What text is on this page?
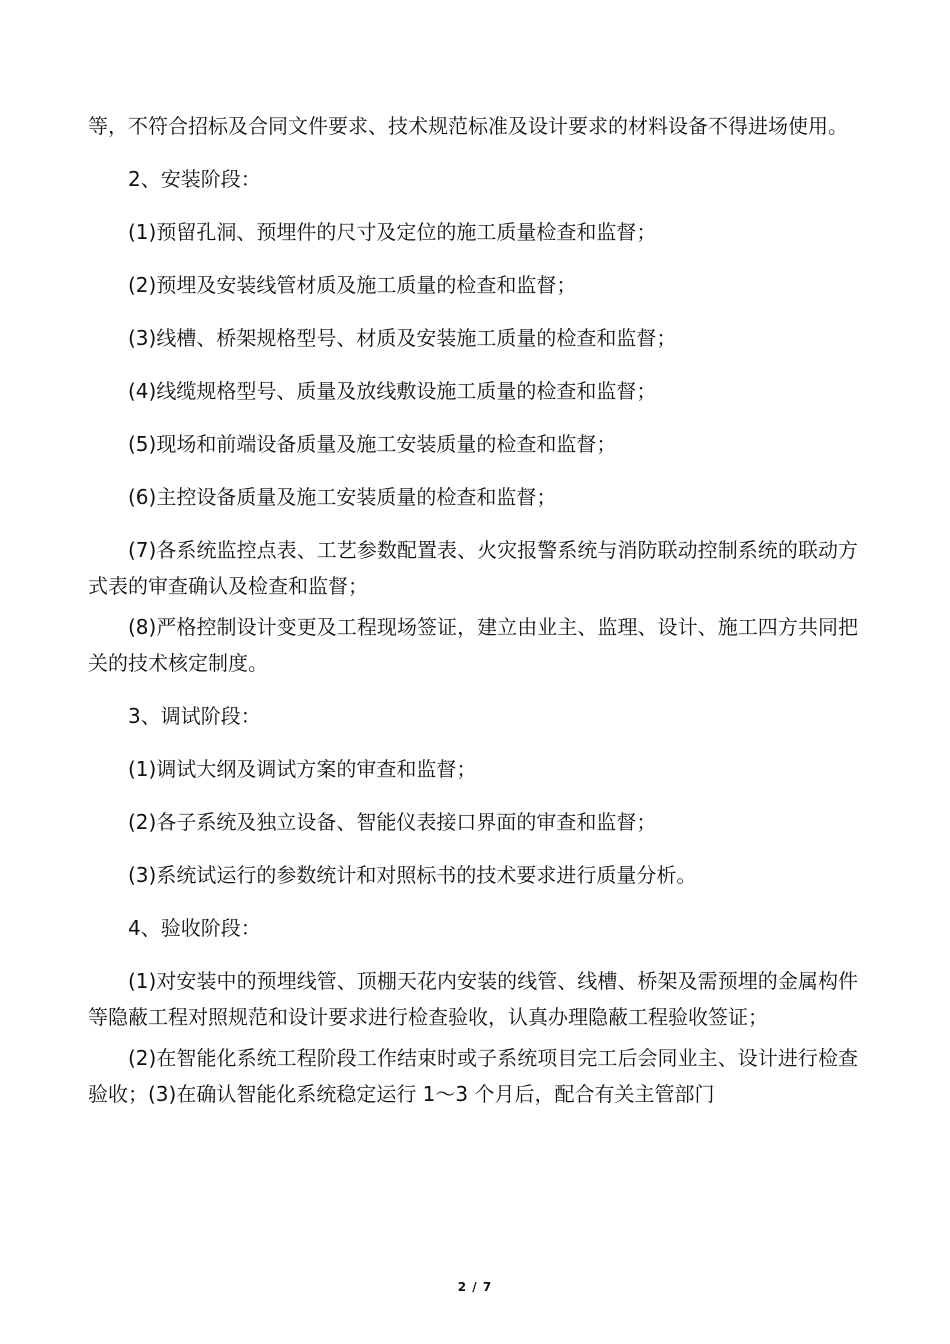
等，不符合招标及合同文件要求、技术规范标准及设计要求的材料设备不得进场使用。

2、安装阶段：

(1)预留孔洞、预埋件的尺寸及定位的施工质量检查和监督；

(2)预埋及安装线管材质及施工质量的检查和监督；

(3)线槽、桥架规格型号、材质及安装施工质量的检查和监督；

(4)线缆规格型号、质量及放线敷设施工质量的检查和监督；

(5)现场和前端设备质量及施工安装质量的检查和监督；

(6)主控设备质量及施工安装质量的检查和监督；

(7)各系统监控点表、工艺参数配置表、火灾报警系统与消防联动控制系统的联动方式表的审查确认及检查和监督；

(8)严格控制设计变更及工程现场签证，建立由业主、监理、设计、施工四方共同把关的技术核定制度。

3、调试阶段：

(1)调试大纲及调试方案的审查和监督；

(2)各子系统及独立设备、智能仪表接口界面的审查和监督；

(3)系统试运行的参数统计和对照标书的技术要求进行质量分析。

4、验收阶段：

(1)对安装中的预埋线管、顶棚天花内安装的线管、线槽、桥架及需预埋的金属构件等隐蔽工程对照规范和设计要求进行检查验收，认真办理隐蔽工程验收签证；

(2)在智能化系统工程阶段工作结束时或子系统项目完工后会同业主、设计进行检查验收；(3)在确认智能化系统稳定运行 1～3 个月后，配合有关主管部门

2 / 7
